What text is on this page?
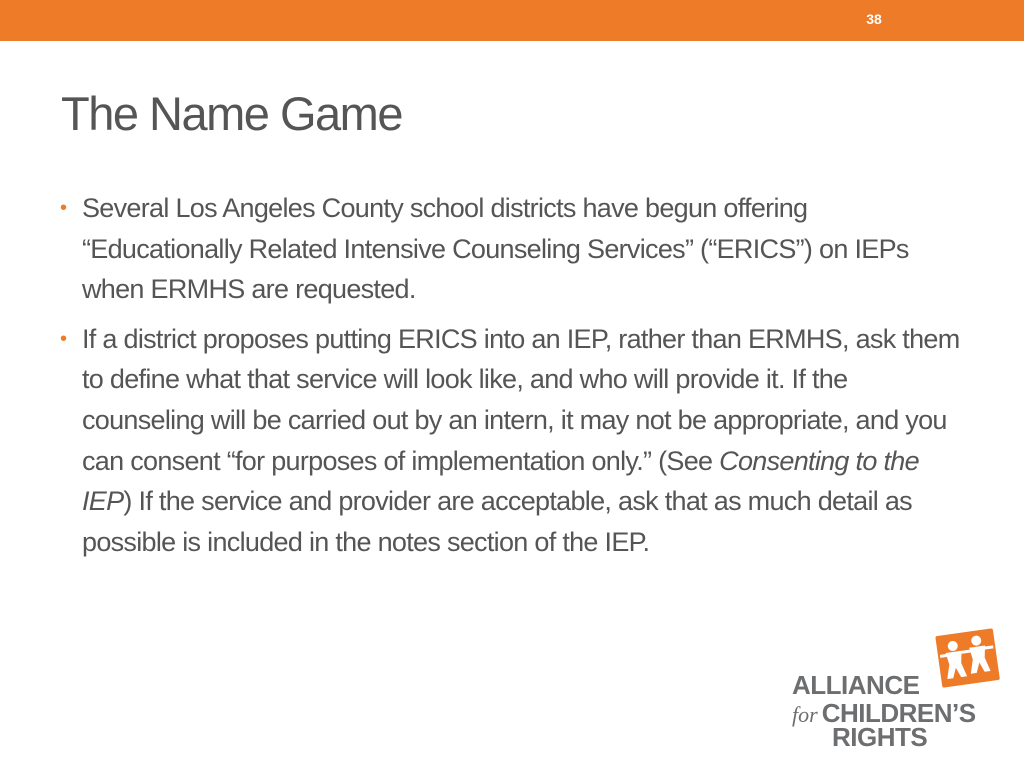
38
The Name Game
• Several Los Angeles County school districts have begun offering “Educationally Related Intensive Counseling Services” (“ERICS”) on IEPs when ERMHS are requested.
• If a district proposes putting ERICS into an IEP, rather than ERMHS, ask them to define what that service will look like, and who will provide it. If the counseling will be carried out by an intern, it may not be appropriate, and you can consent “for purposes of implementation only.” (See Consenting to the IEP) If the service and provider are acceptable, ask that as much detail as possible is included in the notes section of the IEP.
ALLIANCE
for CHILDREN’S
RIGHTS
